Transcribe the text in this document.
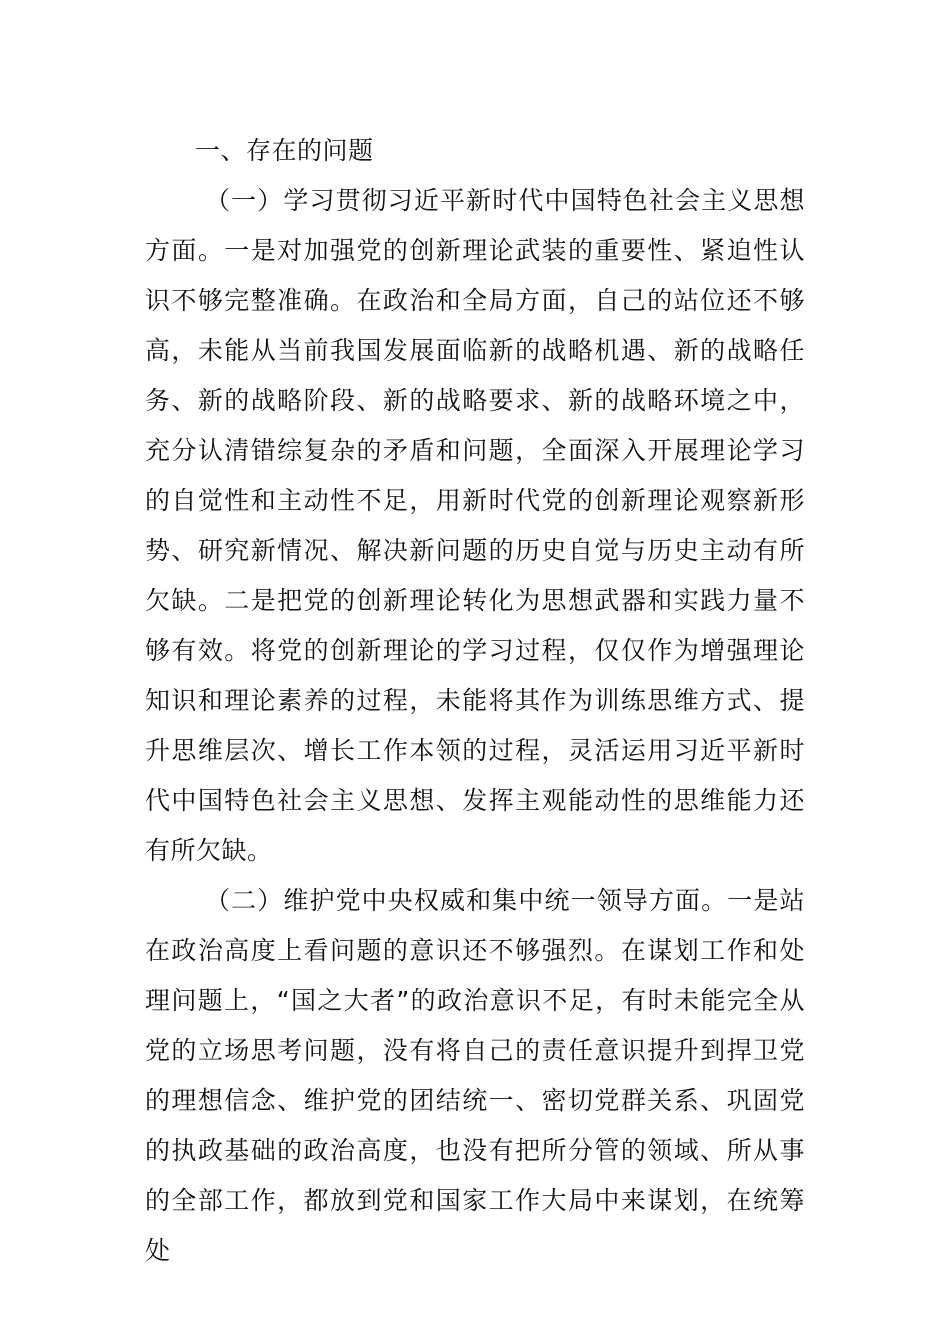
一、存在的问题

（一）学习贯彻习近平新时代中国特色社会主义思想方面。一是对加强党的创新理论武装的重要性、紧迫性认识不够完整准确。在政治和全局方面，自己的站位还不够高，未能从当前我国发展面临新的战略机遇、新的战略任务、新的战略阶段、新的战略要求、新的战略环境之中，充分认清错综复杂的矛盾和问题，全面深入开展理论学习的自觉性和主动性不足，用新时代党的创新理论观察新形势、研究新情况、解决新问题的历史自觉与历史主动有所欠缺。二是把党的创新理论转化为思想武器和实践力量不够有效。将党的创新理论的学习过程，仅仅作为增强理论知识和理论素养的过程，未能将其作为训练思维方式、提升思维层次、增长工作本领的过程，灵活运用习近平新时代中国特色社会主义思想、发挥主观能动性的思维能力还有所欠缺。

（二）维护党中央权威和集中统一领导方面。一是站在政治高度上看问题的意识还不够强烈。在谋划工作和处理问题上，“国之大者”的政治意识不足，有时未能完全从党的立场思考问题，没有将自己的责任意识提升到捍卫党的理想信念、维护党的团结统一、密切党群关系、巩固党的执政基础的政治高度，也没有把所分管的领域、所从事的全部工作，都放到党和国家工作大局中来谋划，在统筹处
